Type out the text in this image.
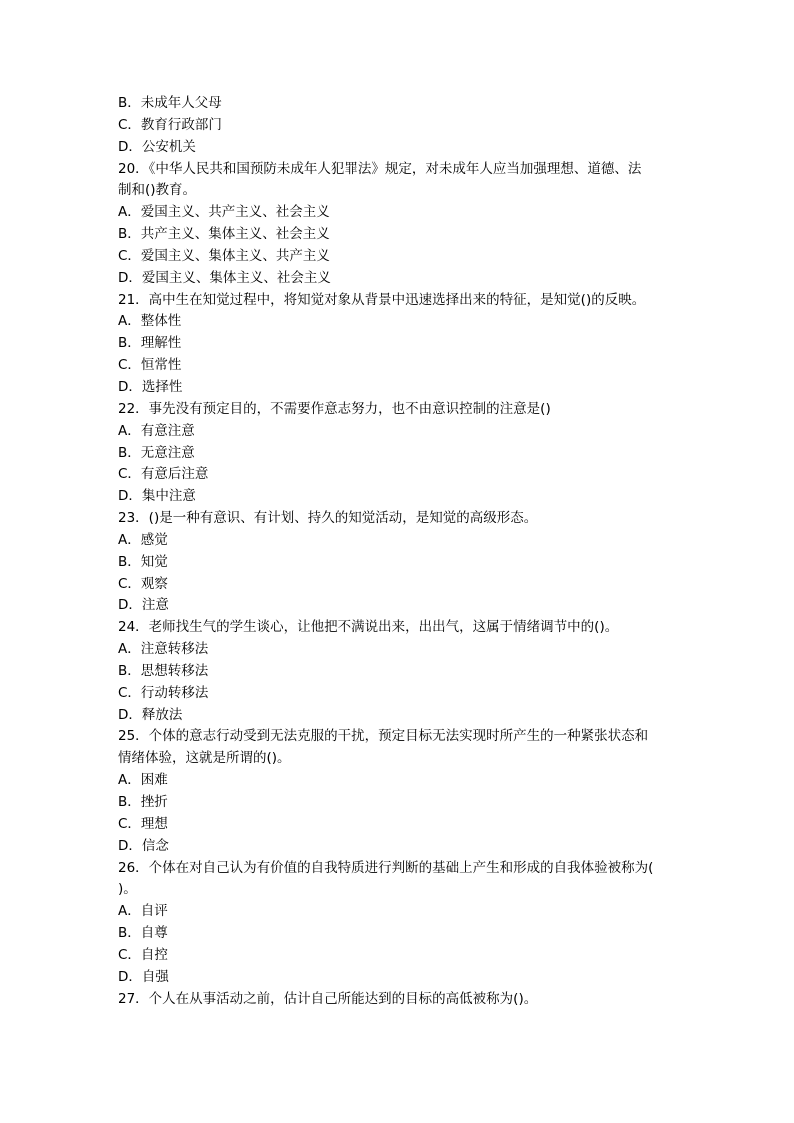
B．未成年人父母
C．教育行政部门
D．公安机关
20．《中华人民共和国预防未成年人犯罪法》规定，对未成年人应当加强理想、道德、法
制和()教育。
A．爱国主义、共产主义、社会主义
B．共产主义、集体主义、社会主义
C．爱国主义、集体主义、共产主义
D．爱国主义、集体主义、社会主义
21．高中生在知觉过程中，将知觉对象从背景中迅速选择出来的特征，是知觉()的反映。
A．整体性
B．理解性
C．恒常性
D．选择性
22．事先没有预定目的，不需要作意志努力，也不由意识控制的注意是()
A．有意注意
B．无意注意
C．有意后注意
D．集中注意
23．()是一种有意识、有计划、持久的知觉活动，是知觉的高级形态。
A．感觉
B．知觉
C．观察
D．注意
24．老师找生气的学生谈心，让他把不满说出来，出出气，这属于情绪调节中的()。
A．注意转移法
B．思想转移法
C．行动转移法
D．释放法
25．个体的意志行动受到无法克服的干扰，预定目标无法实现时所产生的一种紧张状态和
情绪体验，这就是所谓的()。
A．困难
B．挫折
C．理想
D．信念
26．个体在对自己认为有价值的自我特质进行判断的基础上产生和形成的自我体验被称为(
)。
A．自评
B．自尊
C．自控
D．自强
27．个人在从事活动之前，估计自己所能达到的目标的高低被称为()。
